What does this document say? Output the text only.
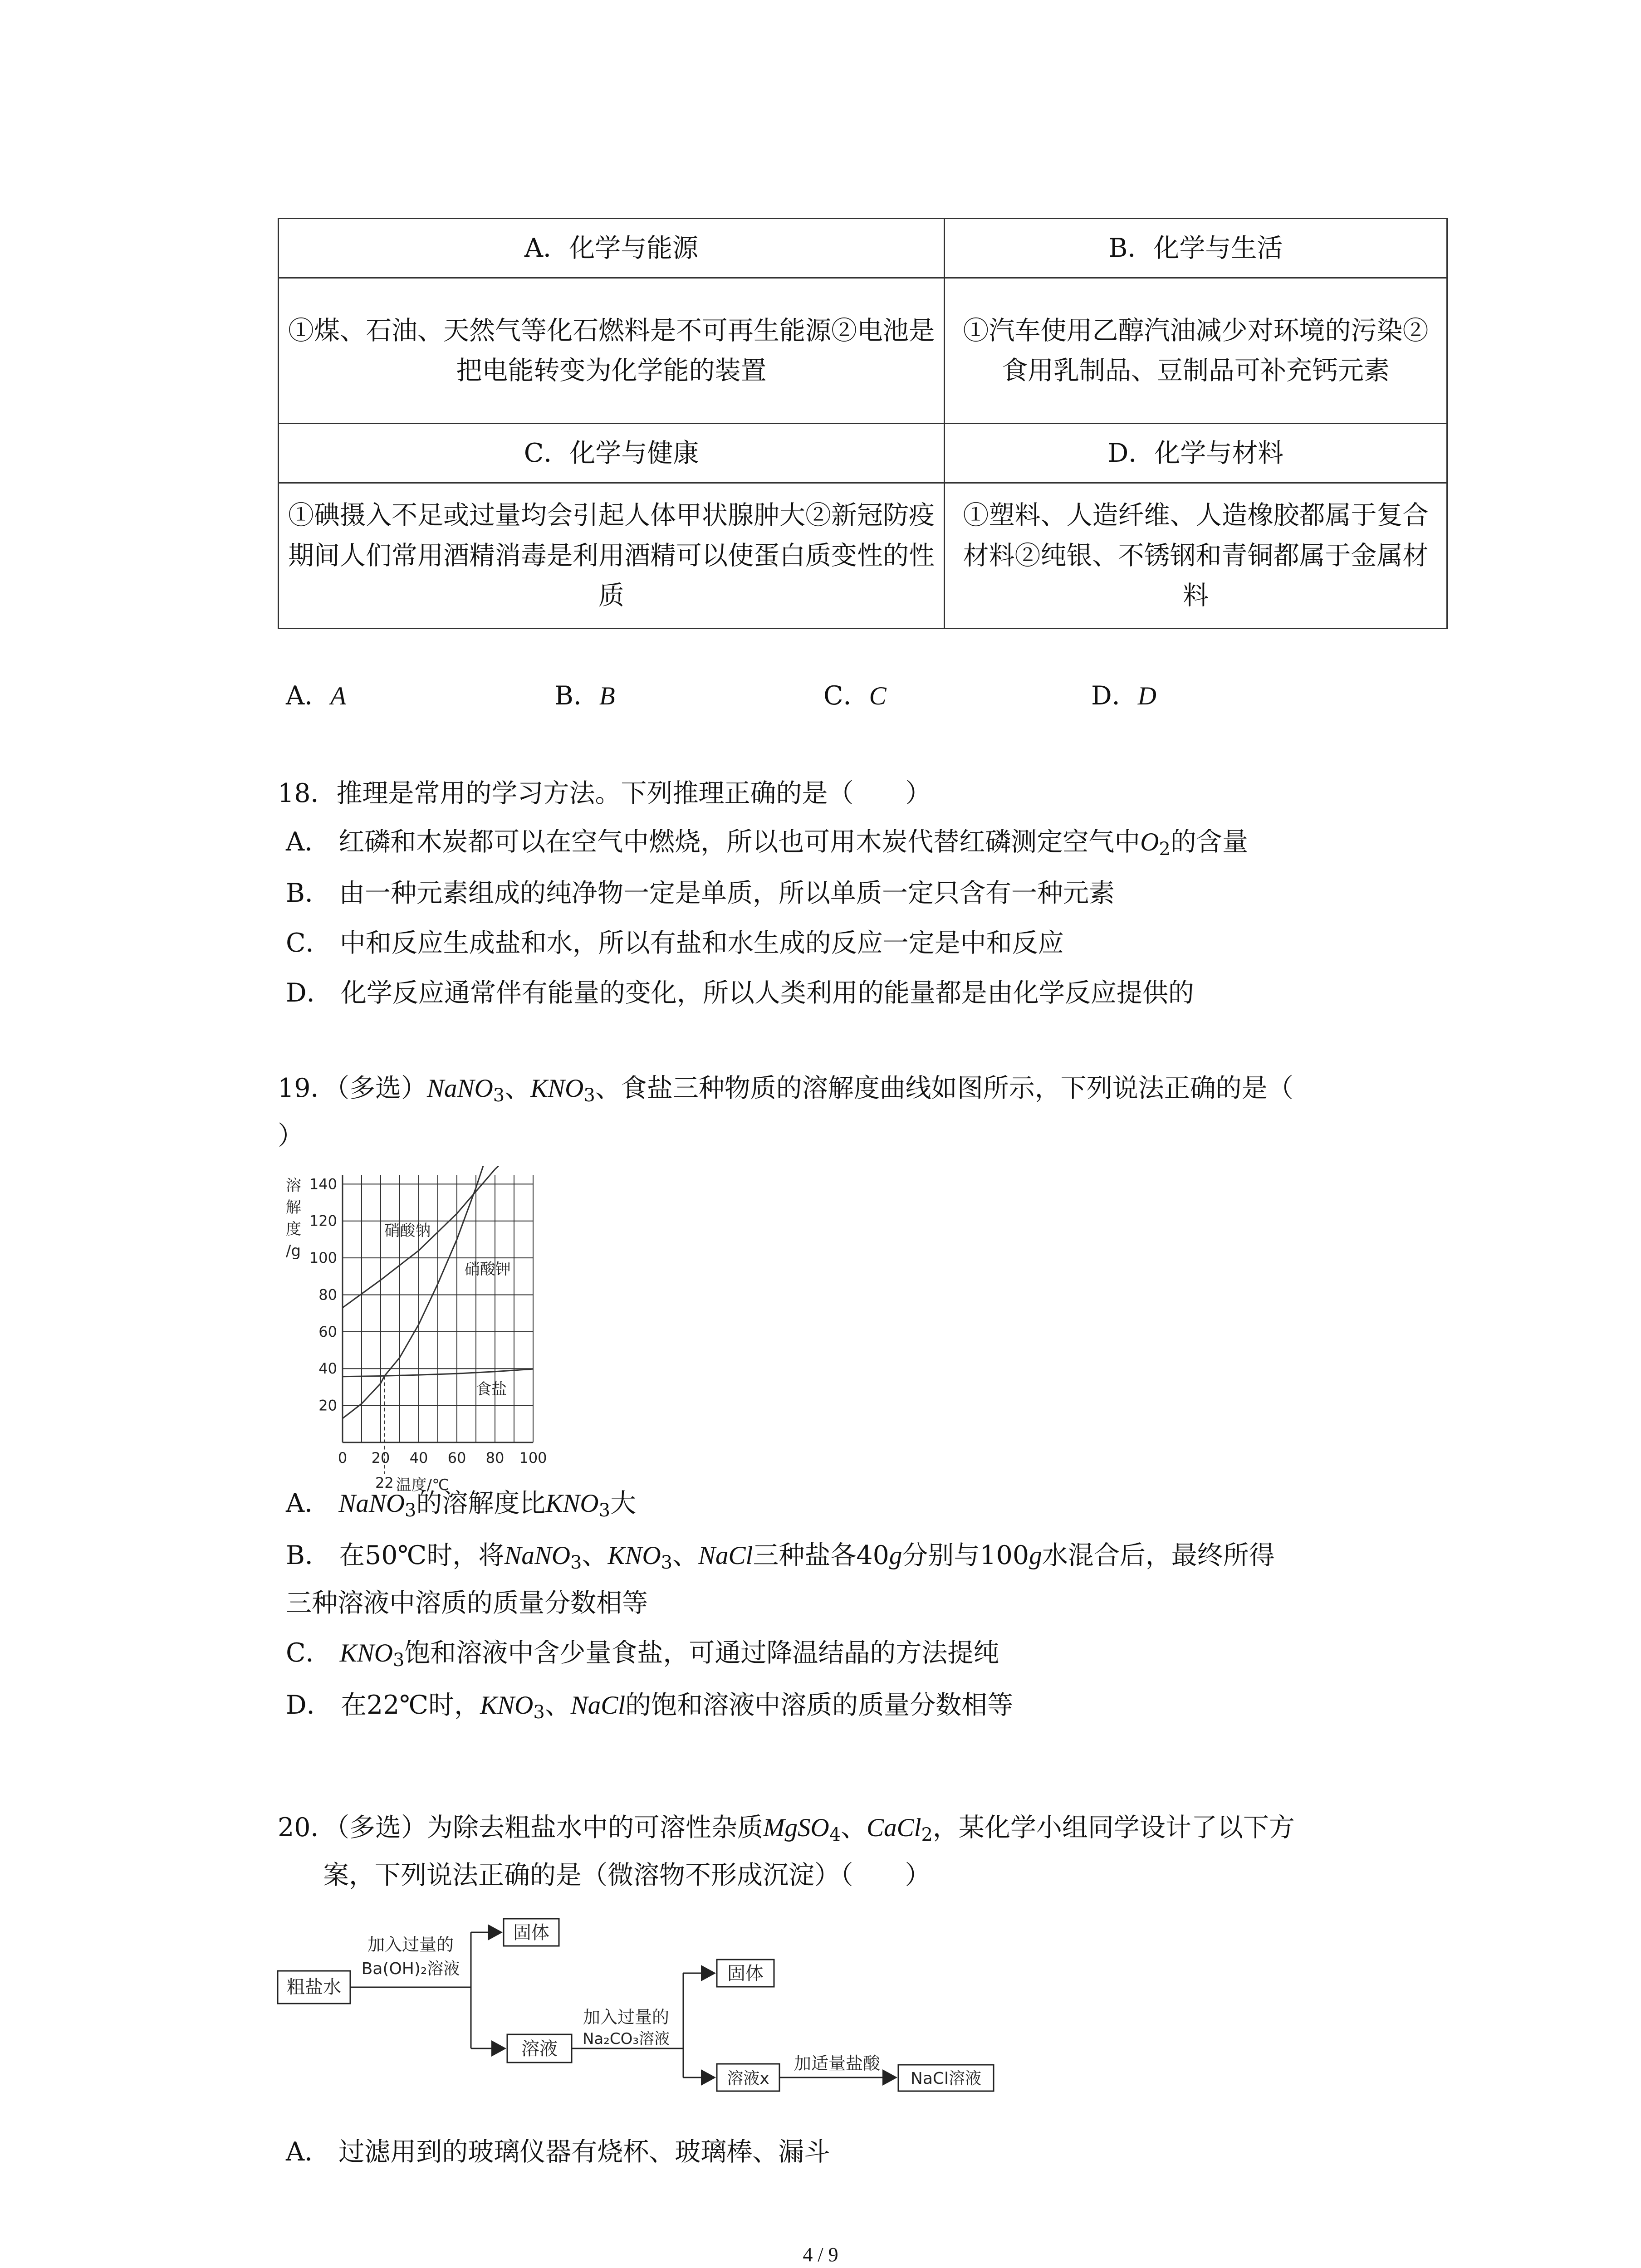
A．化学与能源	B．化学与生活
①煤、石油、天然气等化石燃料是不可再生能源②电池是把电能转变为化学能的装置	①汽车使用乙醇汽油减少对环境的污染②食用乳制品、豆制品可补充钙元素
C．化学与健康	D．化学与材料
①碘摄入不足或过量均会引起人体甲状腺肿大②新冠防疫期间人们常用酒精消毒是利用酒精可以使蛋白质变性的性质	①塑料、人造纤维、人造橡胶都属于复合材料②纯银、不锈钢和青铜都属于金属材料
A．A	B．B	C．C	D．D
18．推理是常用的学习方法。下列推理正确的是（　　）
A． 红磷和木炭都可以在空气中燃烧，所以也可用木炭代替红磷测定空气中$O_2$的含量
B． 由一种元素组成的纯净物一定是单质，所以单质一定只含有一种元素
C． 中和反应生成盐和水，所以有盐和水生成的反应一定是中和反应
D． 化学反应通常伴有能量的变化，所以人类利用的能量都是由化学反应提供的
19．（多选）NaNO$_3$、$KNO_3$、食盐三种物质的溶解度曲线如图所示，下列说法正确的是（
）
0 20 40 60 80 100
20
40
60
80
100
120
140
22
溶
解
度
/g
温度/℃
硝酸钠
硝酸钾
食盐
A． NaNO$_3$的溶解度比$KNO_3$大
B． 在50℃时，将NaNO$_3$、$KNO_3$、NaCl三种盐各40g分别与100g水混合后，最终所得
三种溶液中溶质的质量分数相等
C． $KNO_3$饱和溶液中含少量食盐，可通过降温结晶的方法提纯
D． 在22℃时，$KNO_3$、NaCl的饱和溶液中溶质的质量分数相等
20．（多选）为除去粗盐水中的可溶性杂质MgSO$_4$、CaCl$_2$，某化学小组同学设计了以下方
案，下列说法正确的是（微溶物不形成沉淀）（　　）
粗盐水
固体
溶液
固体
溶液x	NaCl溶液
加入过量的
Ba(OH)₂溶液
加入过量的
Na₂CO₃溶液
加适量盐酸
A． 过滤用到的玻璃仪器有烧杯、玻璃棒、漏斗
4 / 9
